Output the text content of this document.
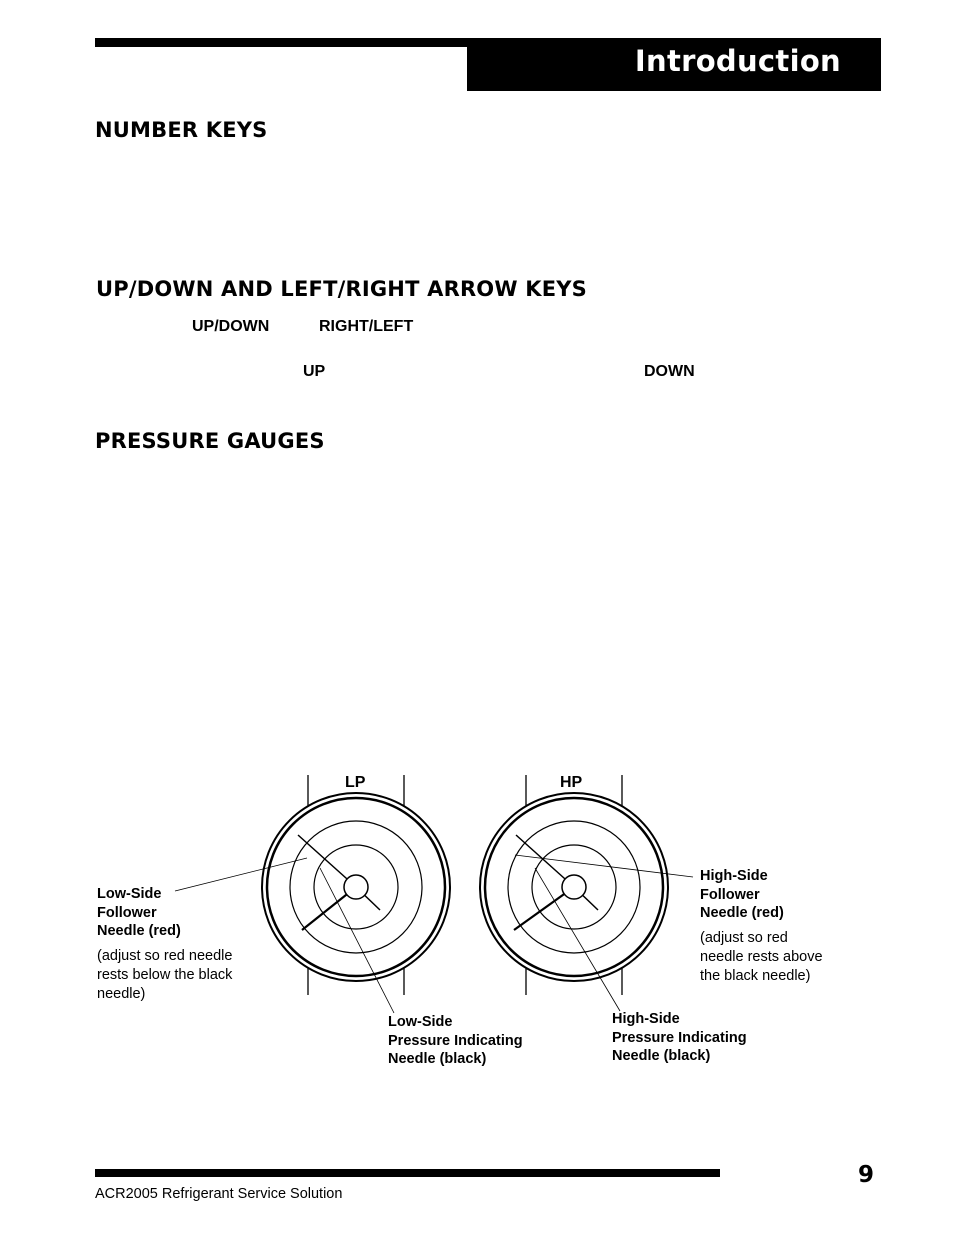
Introduction
NUMBER KEYS
UP/DOWN AND LEFT/RIGHT ARROW KEYS
UP/DOWN	RIGHT/LEFT
UP	DOWN
PRESSURE GAUGES
LP	HP
Low-Side
Follower
Needle (red)
(adjust so red needle
rests below the black
needle)
High-Side
Follower
Needle (red)
(adjust so red
needle rests above
the black needle)
Low-Side
Pressure Indicating
Needle (black)
High-Side
Pressure Indicating
Needle (black)
9
ACR2005 Refrigerant Service Solution
